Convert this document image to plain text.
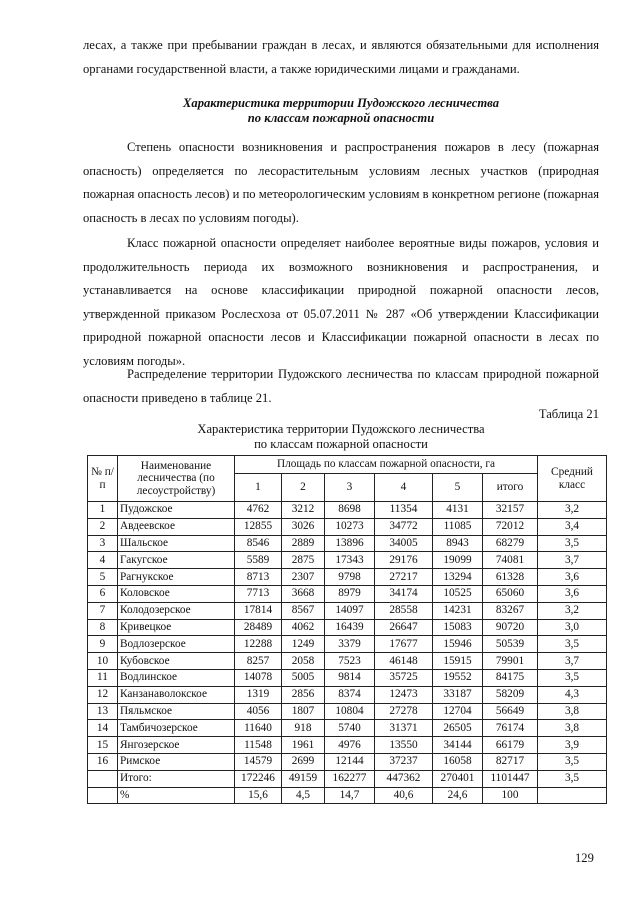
лесах, а также при пребывании граждан в лесах, и являются обязательными для исполнения органами государственной власти, а также юридическими лицами и гражданами.

Характеристика территории Пудожского лесничества
по классам пожарной опасности

Степень опасности возникновения и распространения пожаров в лесу (пожарная опасность) определяется по лесорастительным условиям лесных участков (природная пожарная опасность лесов) и по метеорологическим условиям в конкретном регионе (пожарная опасность в лесах по условиям погоды).

Класс пожарной опасности определяет наиболее вероятные виды пожаров, условия и продолжительность периода их возможного возникновения и распространения, и устанавливается на основе классификации природной пожарной опасности лесов, утвержденной приказом Рослесхоза от 05.07.2011 № 287 «Об утверждении Классификации природной пожарной опасности лесов и Классификации пожарной опасности в лесах по условиям погоды».

Распределение территории Пудожского лесничества по классам природной пожарной опасности приведено в таблице 21.

Таблица 21
Характеристика территории Пудожского лесничества
по классам пожарной опасности
№ п/п	Наименование лесничества (по лесоустройству)	Площадь по классам пожарной опасности, га						Средний класс
		1	2	3	4	5	итого	
1	Пудожское	4762	3212	8698	11354	4131	32157	3,2
2	Авдеевское	12855	3026	10273	34772	11085	72012	3,4
3	Шальское	8546	2889	13896	34005	8943	68279	3,5
4	Гакугское	5589	2875	17343	29176	19099	74081	3,7
5	Рагнукское	8713	2307	9798	27217	13294	61328	3,6
6	Коловское	7713	3668	8979	34174	10525	65060	3,6
7	Колодозерское	17814	8567	14097	28558	14231	83267	3,2
8	Кривецкое	28489	4062	16439	26647	15083	90720	3,0
9	Водлозерское	12288	1249	3379	17677	15946	50539	3,5
10	Кубовское	8257	2058	7523	46148	15915	79901	3,7
11	Водлинское	14078	5005	9814	35725	19552	84175	3,5
12	Канзанаволокское	1319	2856	8374	12473	33187	58209	4,3
13	Пяльмское	4056	1807	10804	27278	12704	56649	3,8
14	Тамбичозерское	11640	918	5740	31371	26505	76174	3,8
15	Янгозерское	11548	1961	4976	13550	34144	66179	3,9
16	Римское	14579	2699	12144	37237	16058	82717	3,5
	Итого:	172246	49159	162277	447362	270401	1101447	3,5
	%	15,6	4,5	14,7	40,6	24,6	100	
129
